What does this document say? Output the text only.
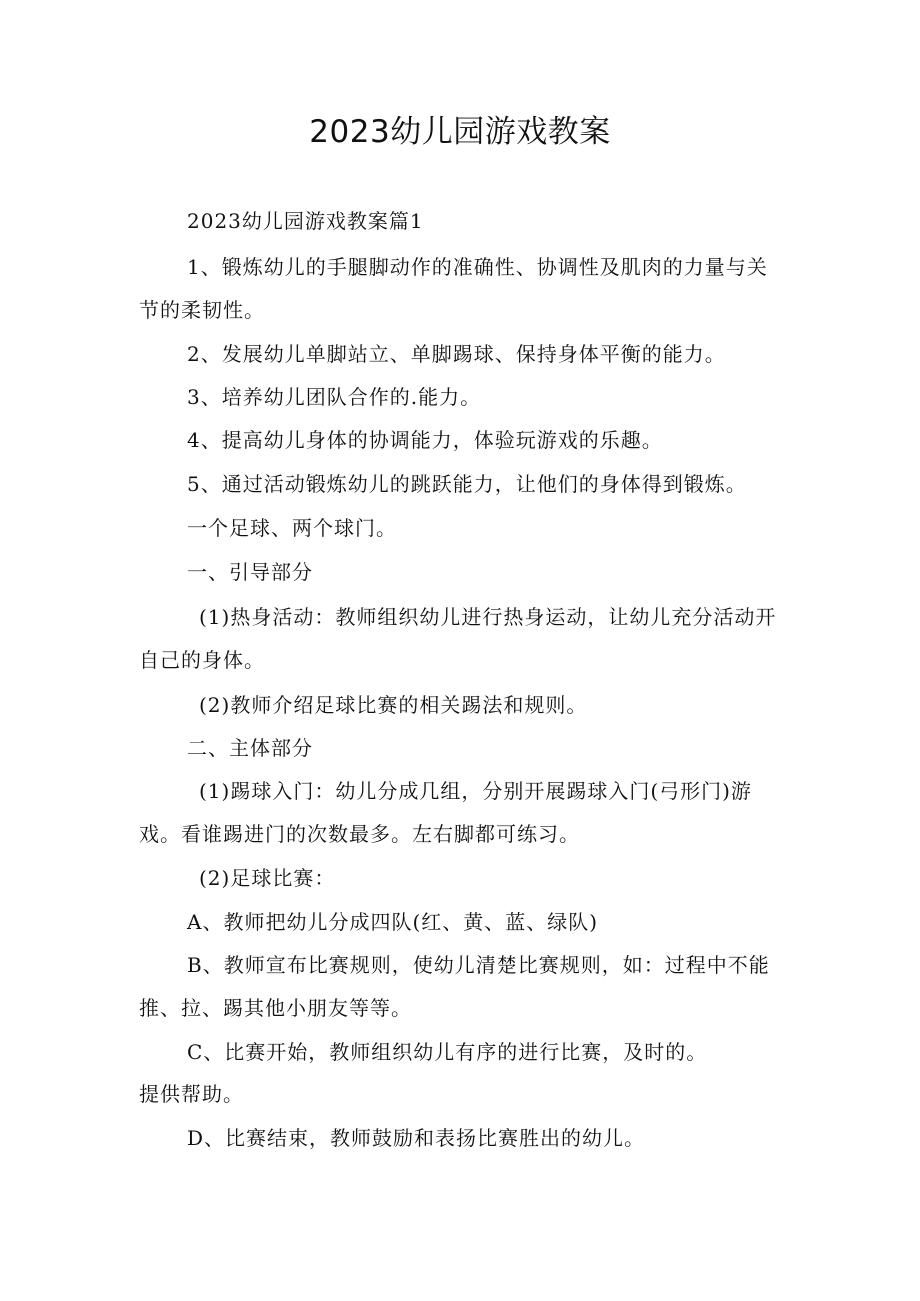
2023幼儿园游戏教案

2023幼儿园游戏教案篇1

1、锻炼幼儿的手腿脚动作的准确性、协调性及肌肉的力量与关节的柔韧性。

2、发展幼儿单脚站立、单脚踢球、保持身体平衡的能力。

3、培养幼儿团队合作的.能力。

4、提高幼儿身体的协调能力，体验玩游戏的乐趣。

5、通过活动锻炼幼儿的跳跃能力，让他们的身体得到锻炼。

一个足球、两个球门。

一、引导部分

(1)热身活动：教师组织幼儿进行热身运动，让幼儿充分活动开自己的身体。

(2)教师介绍足球比赛的相关踢法和规则。

二、主体部分

(1)踢球入门：幼儿分成几组，分别开展踢球入门(弓形门)游戏。看谁踢进门的次数最多。左右脚都可练习。

(2)足球比赛：

A、教师把幼儿分成四队(红、黄、蓝、绿队)

B、教师宣布比赛规则，使幼儿清楚比赛规则，如：过程中不能推、拉、踢其他小朋友等等。

C、比赛开始，教师组织幼儿有序的进行比赛，及时的。

提供帮助。

D、比赛结束，教师鼓励和表扬比赛胜出的幼儿。
